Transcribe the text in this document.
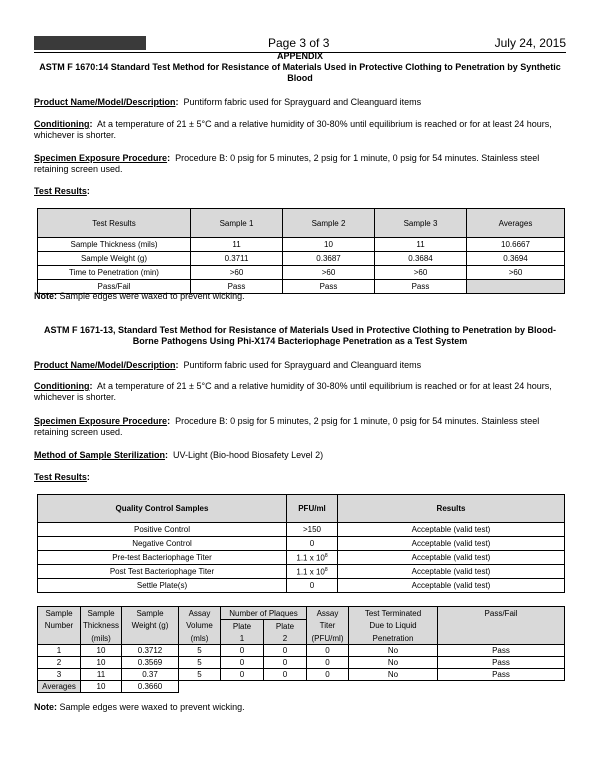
Page 3 of 3	July 24, 2015
APPENDIX
ASTM F 1670:14 Standard Test Method for Resistance of Materials Used in Protective Clothing to Penetration by Synthetic Blood
Product Name/Model/Description: Puntiform fabric used for Sprayguard and Cleanguard items
Conditioning: At a temperature of 21 ± 5°C and a relative humidity of 30-80% until equilibrium is reached or for at least 24 hours, whichever is shorter.
Specimen Exposure Procedure: Procedure B: 0 psig for 5 minutes, 2 psig for 1 minute, 0 psig for 54 minutes. Stainless steel retaining screen used.
Test Results:
Test Results	Sample 1	Sample 2	Sample 3	Averages
Sample Thickness (mils)	11	10	11	10.6667
Sample Weight (g)	0.3711	0.3687	0.3684	0.3694
Time to Penetration (min)	>60	>60	>60	>60
Pass/Fail	Pass	Pass	Pass	
Note: Sample edges were waxed to prevent wicking.
ASTM F 1671-13, Standard Test Method for Resistance of Materials Used in Protective Clothing to Penetration by Blood-Borne Pathogens Using Phi-X174 Bacteriophage Penetration as a Test System
Product Name/Model/Description: Puntiform fabric used for Sprayguard and Cleanguard items
Conditioning: At a temperature of 21 ± 5°C and a relative humidity of 30-80% until equilibrium is reached or for at least 24 hours, whichever is shorter.
Specimen Exposure Procedure: Procedure B: 0 psig for 5 minutes, 2 psig for 1 minute, 0 psig for 54 minutes. Stainless steel retaining screen used.
Method of Sample Sterilization: UV-Light (Bio-hood Biosafety Level 2)
Test Results:
Quality Control Samples	PFU/ml	Results
Positive Control	>150	Acceptable (valid test)
Negative Control	0	Acceptable (valid test)
Pre-test Bacteriophage Titer	1.1 x $10^8$	Acceptable (valid test)
Post Test Bacteriophage Titer	1.1 x $10^8$	Acceptable (valid test)
Settle Plate(s)	0	Acceptable (valid test)
Sample	Sample	Sample	Assay	Number of Plaques		Assay	Test Terminated	Pass/Fail
Number	Thickness	Weight (g)	Volume	Plate	Plate	Titer	Due to Liquid	
	(mils)		(mls)	1	2	(PFU/ml)	Penetration	
1	10	0.3712	5	0	0	0	No	Pass
2	10	0.3569	5	0	0	0	No	Pass
3	11	0.37	5	0	0	0	No	Pass
Averages	10	0.3660						
Note: Sample edges were waxed to prevent wicking.
